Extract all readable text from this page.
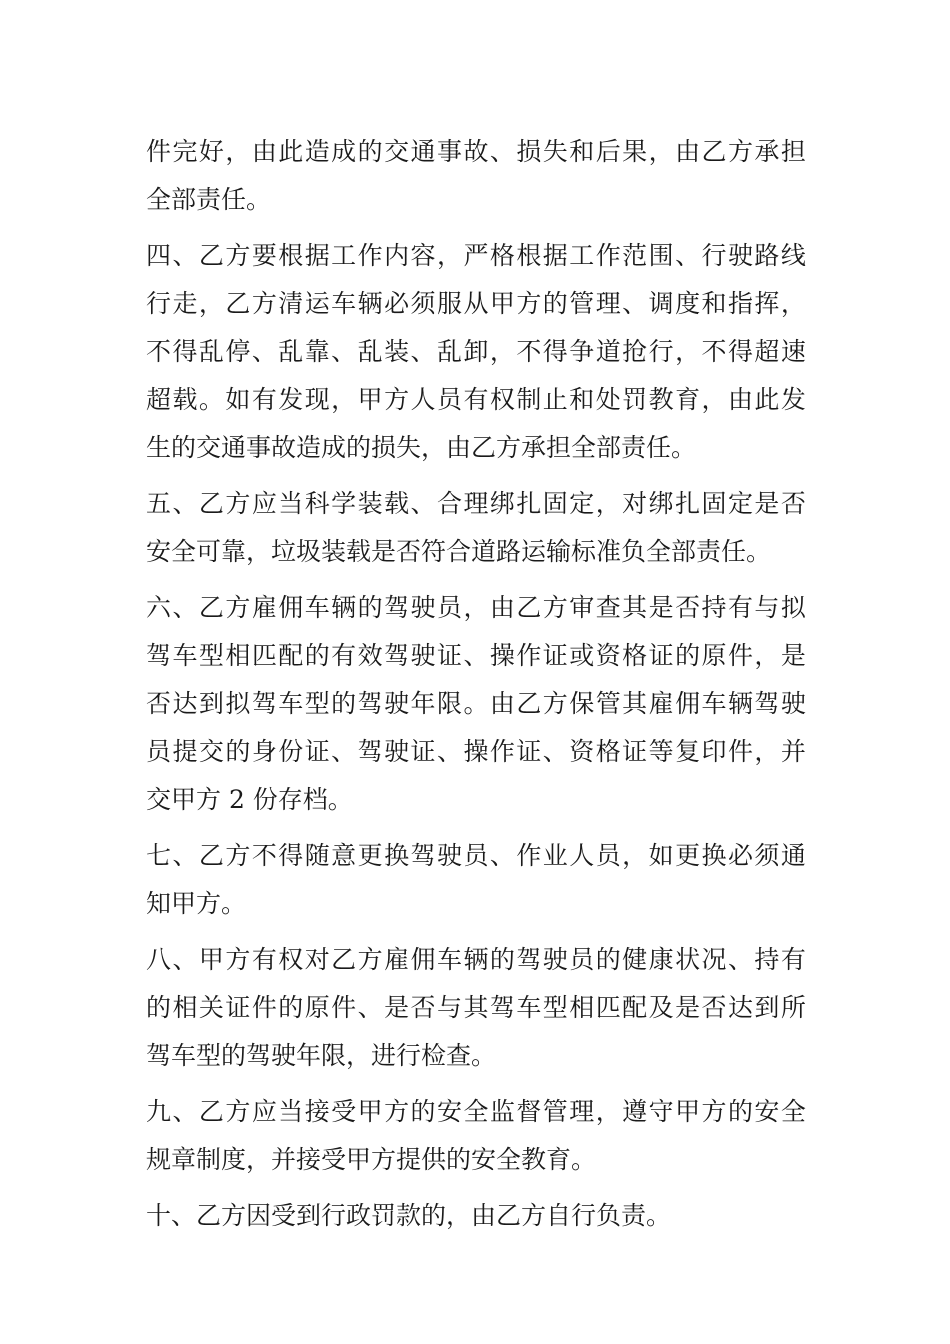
件 完 好 ， 由 此 造 成 的 交 通 事 故 、 损 失 和 后 果 ， 由 乙 方 承 担
全部责任。
四 、 乙 方 要 根 据 工 作 内 容 ， 严 格 根 据 工 作 范 围 、 行 驶 路 线
行 走 ， 乙 方 清 运 车 辆 必 须 服 从 甲 方 的 管 理 、 调 度 和 指 挥 ，
不 得 乱 停 、 乱 靠 、 乱 装 、 乱 卸 ， 不 得 争 道 抢 行 ， 不 得 超 速
超 载 。 如 有 发 现 ， 甲 方 人 员 有 权 制 止 和 处 罚 教 育 ， 由 此 发
生的交通事故造成的损失，由乙方承担全部责任。
五 、 乙 方 应 当 科 学 装 载 、 合 理 绑 扎 固 定 ， 对 绑 扎 固 定 是 否
安全可靠，垃圾装载是否符合道路运输标准负全部责任。
六 、 乙 方 雇 佣 车 辆 的 驾 驶 员 ， 由 乙 方 审 查 其 是 否 持 有 与 拟
驾 车 型 相 匹 配 的 有 效 驾 驶 证 、 操 作 证 或 资 格 证 的 原 件 ， 是
否 达 到 拟 驾 车 型 的 驾 驶 年 限 。 由 乙 方 保 管 其 雇 佣 车 辆 驾 驶
员 提 交 的 身 份 证 、 驾 驶 证 、 操 作 证 、 资 格 证 等 复 印 件 ， 并
交甲方 2 份存档。
七 、 乙 方 不 得 随 意 更 换 驾 驶 员 、 作 业 人 员 ， 如 更 换 必 须 通
知甲方。
八 、 甲 方 有 权 对 乙 方 雇 佣 车 辆 的 驾 驶 员 的 健 康 状 况 、 持 有
的 相 关 证 件 的 原 件 、 是 否 与 其 驾 车 型 相 匹 配 及 是 否 达 到 所
驾车型的驾驶年限，进行检查。
九 、 乙 方 应 当 接 受 甲 方 的 安 全 监 督 管 理 ， 遵 守 甲 方 的 安 全
规章制度，并接受甲方提供的安全教育。
十、乙方因受到行政罚款的，由乙方自行负责。
